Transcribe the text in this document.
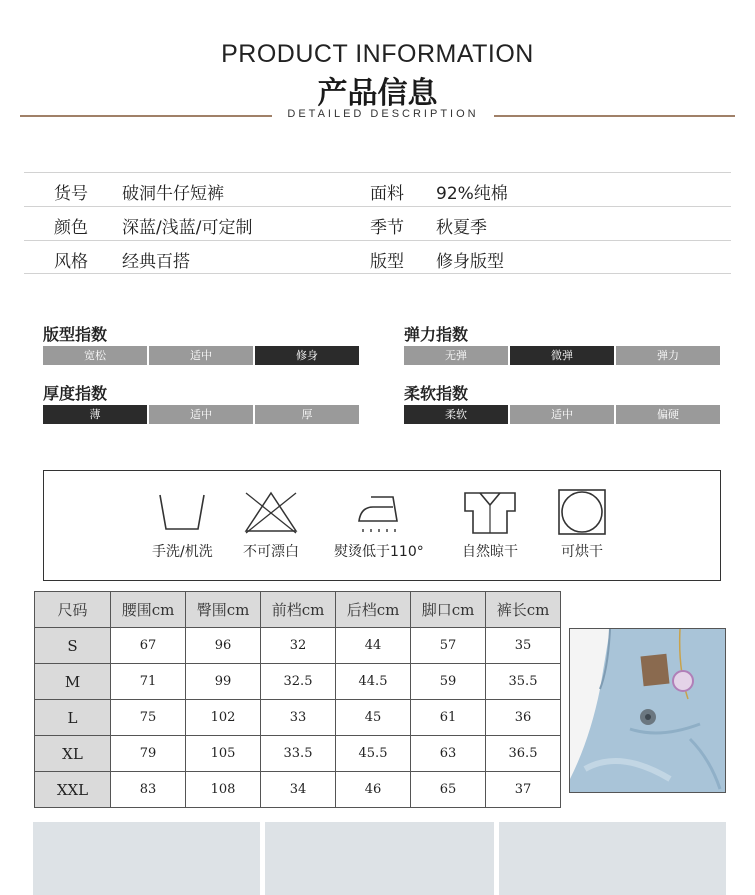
PRODUCT INFORMATION
产品信息
DETAILED DESCRIPTION
货号 破洞牛仔短裤	面料 92%纯棉
颜色 深蓝/浅蓝/可定制	季节 秋夏季
风格 经典百搭	版型 修身版型
版型指数
宽松	适中	修身
弹力指数
无弹	微弹	弹力
厚度指数
薄	适中	厚
柔软指数
柔软	适中	偏硬
手洗/机洗 不可漂白	熨烫低于110°	自然晾干	可烘干
尺码	腰围cm	臀围cm	前档cm	后档cm	脚口cm	裤长cm
S	67	96	32	44	57	35
M	71	99	32.5	44.5	59	35.5
L	75	102	33	45	61	36
XL	79	105	33.5	45.5	63	36.5
XXL	83	108	34	46	65	37
